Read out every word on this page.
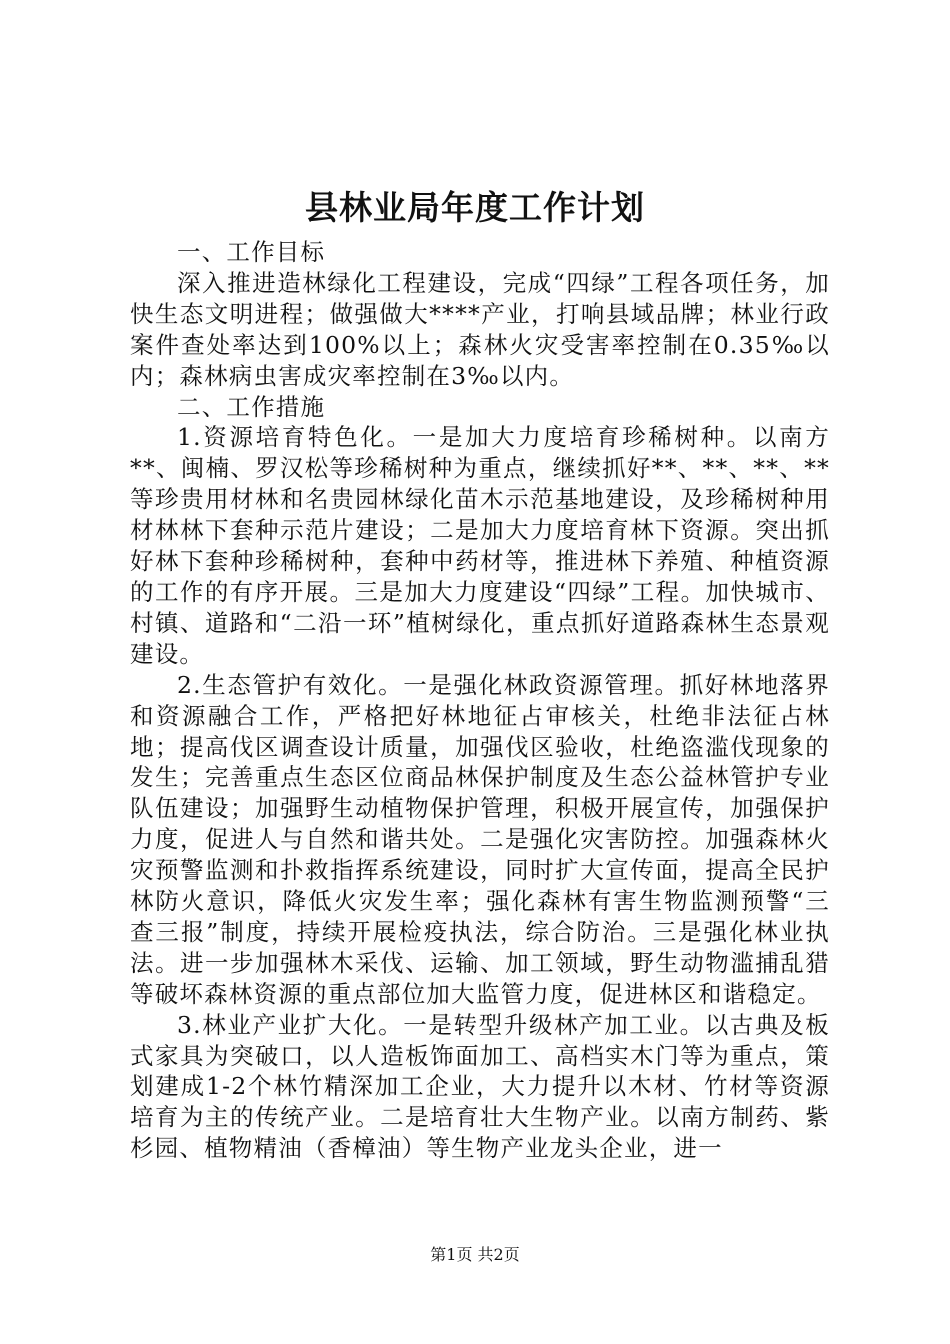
县林业局年度工作计划

一、工作目标

深入推进造林绿化工程建设，完成“四绿”工程各项任务，加快生态文明进程；做强做大****产业，打响县域品牌；林业行政案件查处率达到100%以上；森林火灾受害率控制在0.35‰以内；森林病虫害成灾率控制在3‰以内。

二、工作措施

1.资源培育特色化。一是加大力度培育珍稀树种。以南方**、闽楠、罗汉松等珍稀树种为重点，继续抓好**、**、**、**等珍贵用材林和名贵园林绿化苗木示范基地建设，及珍稀树种用材林林下套种示范片建设；二是加大力度培育林下资源。突出抓好林下套种珍稀树种，套种中药材等，推进林下养殖、种植资源的工作的有序开展。三是加大力度建设“四绿”工程。加快城市、村镇、道路和“二沿一环”植树绿化，重点抓好道路森林生态景观建设。

2.生态管护有效化。一是强化林政资源管理。抓好林地落界和资源融合工作，严格把好林地征占审核关，杜绝非法征占林地；提高伐区调查设计质量，加强伐区验收，杜绝盗滥伐现象的发生；完善重点生态区位商品林保护制度及生态公益林管护专业队伍建设；加强野生动植物保护管理，积极开展宣传，加强保护力度，促进人与自然和谐共处。二是强化灾害防控。加强森林火灾预警监测和扑救指挥系统建设，同时扩大宣传面，提高全民护林防火意识，降低火灾发生率；强化森林有害生物监测预警“三查三报”制度，持续开展检疫执法，综合防治。三是强化林业执法。进一步加强林木采伐、运输、加工领域，野生动物滥捕乱猎等破坏森林资源的重点部位加大监管力度，促进林区和谐稳定。

3.林业产业扩大化。一是转型升级林产加工业。以古典及板式家具为突破口，以人造板饰面加工、高档实木门等为重点，策划建成1-2个林竹精深加工企业，大力提升以木材、竹材等资源培育为主的传统产业。二是培育壮大生物产业。以南方制药、紫杉园、植物精油（香樟油）等生物产业龙头企业，进一

第1页 共2页
